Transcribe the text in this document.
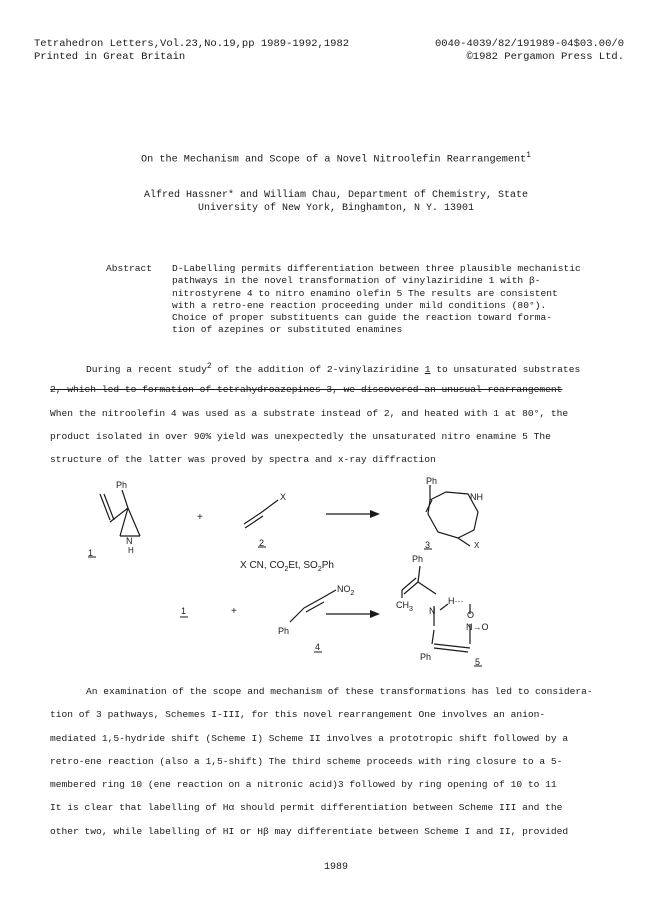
Tetrahedron Letters,Vol.23,No.19,pp 1989-1992,1982	0040-4039/82/191989-04$03.00/0
Printed in Great Britain	©1982 Pergamon Press Ltd.
On the Mechanism and Scope of a Novel Nitroolefin Rearrangement$^1$
Alfred Hassner* and William Chau, Department of Chemistry, State
University of New York, Binghamton, N Y. 13901
Abstract	D-Labelling permits differentiation between three plausible mechanistic
pathways in the novel transformation of vinylaziridine 1 with β-
nitrostyrene 4 to nitro enamino olefin 5 The results are consistent
with a retro-ene reaction proceeding under mild conditions (80°).
Choice of proper substituents can guide the reaction toward forma-
tion of azepines or substituted enamines
During a recent study$^2$ of the addition of 2-vinylaziridine 1 to unsaturated substrates
2, which led to formation of tetrahydroazepines 3, we discovered an unusual rearrangement
When the nitroolefin 4 was used as a substrate instead of 2, and heated with 1 at 80°, the
product isolated in over 90% yield was unexpectedly the unsaturated nitro enamine 5 The
structure of the latter was proved by spectra and x-ray diffraction
Ph
N
H
1
+
X
2
Ph
NH
X
3
X CN, $CO_2Et$, $SO_2Ph$
1	+
$NO_2$
Ph
4
Ph
$CH_3$ N
H···
O
N→O
Ph	5
An examination of the scope and mechanism of these transformations has led to considera-
tion of 3 pathways, Schemes I-III, for this novel rearrangement One involves an anion-
mediated 1,5-hydride shift (Scheme I) Scheme II involves a prototropic shift followed by a
retro-ene reaction (also a 1,5-shift) The third scheme proceeds with ring closure to a 5-
membered ring 10 (ene reaction on a nitronic acid)3 followed by ring opening of 10 to 11
It is clear that labelling of Hα should permit differentiation between Scheme III and the
other two, while labelling of HI or Hβ may differentiate between Scheme I and II, provided
1989
